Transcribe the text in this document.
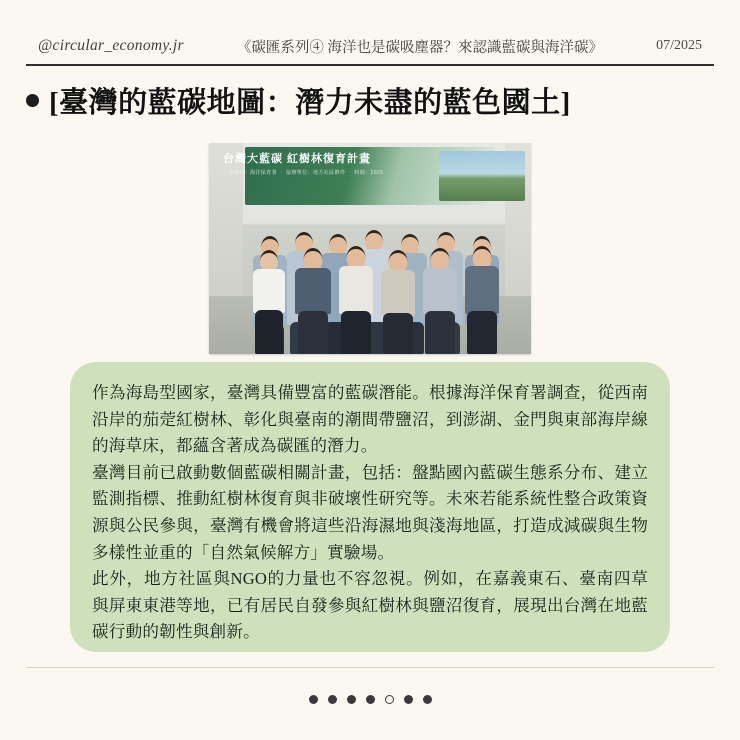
@circular_economy.jr	《碳匯系列④ 海洋也是碳吸塵器？來認識藍碳與海洋碳》	07/2025
[臺灣的藍碳地圖：潛力未盡的藍色國土]
台灣大藍碳 紅樹林復育計畫
主辦單位：海洋保育署 ‧ 協辦單位：地方社區夥伴 ‧ 時間：2025

作為海島型國家，臺灣具備豐富的藍碳潛能。根據海洋保育署調查，從西南沿岸的茄萣紅樹林、彰化與臺南的潮間帶鹽沼，到澎湖、金門與東部海岸線的海草床，都蘊含著成為碳匯的潛力。

臺灣目前已啟動數個藍碳相關計畫，包括：盤點國內藍碳生態系分布、建立監測指標、推動紅樹林復育與非破壞性研究等。未來若能系統性整合政策資源與公民參與，臺灣有機會將這些沿海濕地與淺海地區，打造成減碳與生物多樣性並重的「自然氣候解方」實驗場。

此外，地方社區與NGO的力量也不容忽視。例如，在嘉義東石、臺南四草與屏東東港等地，已有居民自發參與紅樹林與鹽沼復育，展現出台灣在地藍碳行動的韌性與創新。
